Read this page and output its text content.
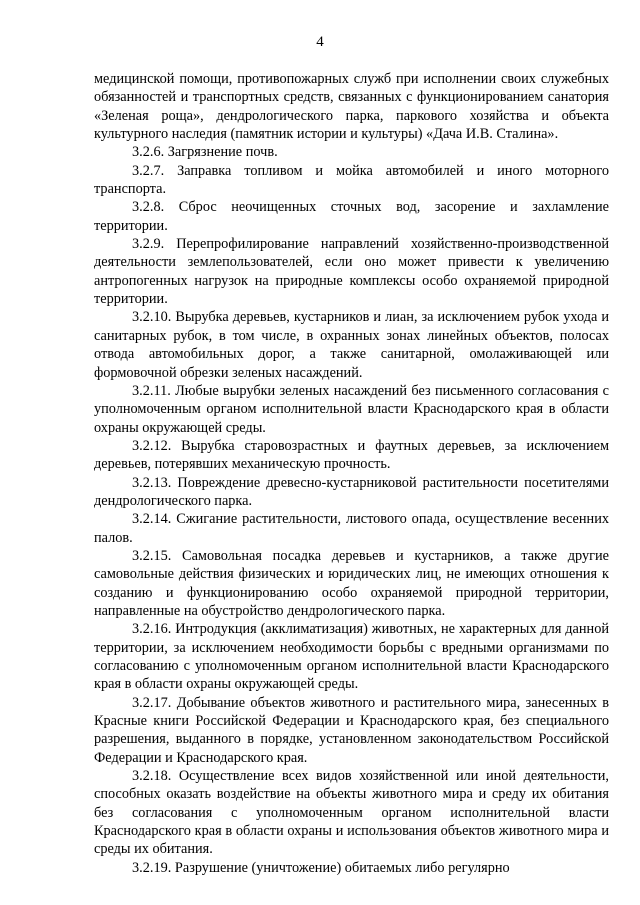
4

медицинской помощи, противопожарных служб при исполнении своих служебных обязанностей и транспортных средств, связанных с функционированием санатория «Зеленая роща», дендрологического парка, паркового хозяйства и объекта культурного наследия (памятник истории и культуры) «Дача И.В. Сталина».

3.2.6. Загрязнение почв.

3.2.7. Заправка топливом и мойка автомобилей и иного моторного транспорта.

3.2.8. Сброс неочищенных сточных вод, засорение и захламление территории.

3.2.9. Перепрофилирование направлений хозяйственно-производственной деятельности землепользователей, если оно может привести к увеличению антропогенных нагрузок на природные комплексы особо охраняемой природной территории.

3.2.10. Вырубка деревьев, кустарников и лиан, за исключением рубок ухода и санитарных рубок, в том числе, в охранных зонах линейных объектов, полосах отвода автомобильных дорог, а также санитарной, омолаживающей или формовочной обрезки зеленых насаждений.

3.2.11. Любые вырубки зеленых насаждений без письменного согласования с уполномоченным органом исполнительной власти Краснодарского края в области охраны окружающей среды.

3.2.12. Вырубка старовозрастных и фаутных деревьев, за исключением деревьев, потерявших механическую прочность.

3.2.13. Повреждение древесно-кустарниковой растительности посетителями дендрологического парка.

3.2.14. Сжигание растительности, листового опада, осуществление весенних палов.

3.2.15. Самовольная посадка деревьев и кустарников, а также другие самовольные действия физических и юридических лиц, не имеющих отношения к созданию и функционированию особо охраняемой природной территории, направленные на обустройство дендрологического парка.

3.2.16. Интродукция (акклиматизация) животных, не характерных для данной территории, за исключением необходимости борьбы с вредными организмами по согласованию с уполномоченным органом исполнительной власти Краснодарского края в области охраны окружающей среды.

3.2.17. Добывание объектов животного и растительного мира, занесенных в Красные книги Российской Федерации и Краснодарского края, без специального разрешения, выданного в порядке, установленном законодательством Российской Федерации и Краснодарского края.

3.2.18. Осуществление всех видов хозяйственной или иной деятельности, способных оказать воздействие на объекты животного мира и среду их обитания без согласования с уполномоченным органом исполнительной власти Краснодарского края в области охраны и использования объектов животного мира и среды их обитания.

3.2.19. Разрушение (уничтожение) обитаемых либо регулярно
